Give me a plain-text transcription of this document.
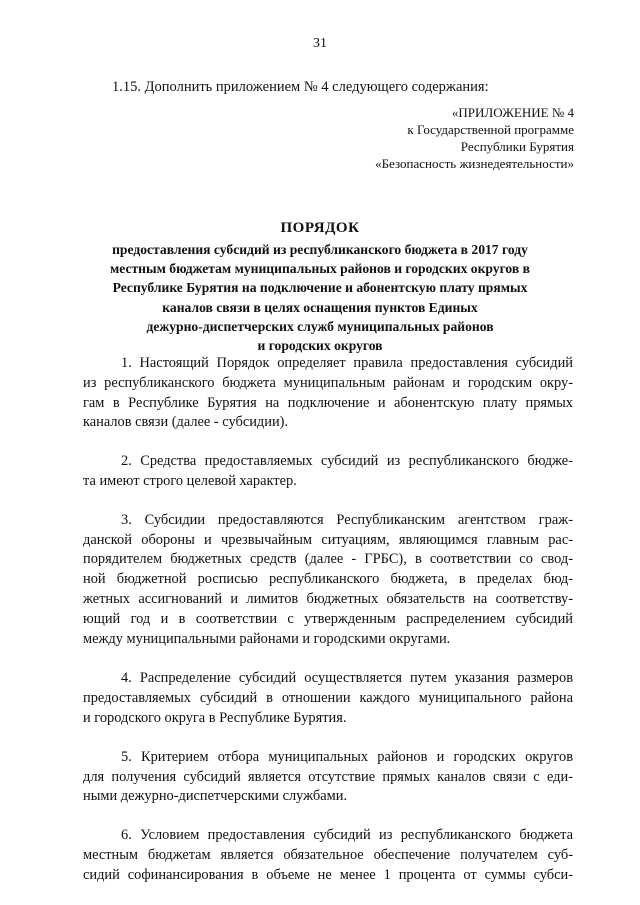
31
1.15. Дополнить приложением № 4 следующего содержания:
«ПРИЛОЖЕНИЕ № 4
к Государственной программе
Республики Бурятия
«Безопасность жизнедеятельности»
ПОРЯДОК
предоставления субсидий из республиканского бюджета в 2017 году
местным бюджетам муниципальных районов и городских округов в
Республике Бурятия на подключение и абонентскую плату прямых
каналов связи в целях оснащения пунктов Единых
дежурно-диспетчерских служб муниципальных районов
и городских округов
1. Настоящий Порядок определяет правила предоставления субсидий
из республиканского бюджета муниципальным районам и городским окру-
гам в Республике Бурятия на подключение и абонентскую плату прямых
каналов связи (далее - субсидии).
2. Средства предоставляемых субсидий из республиканского бюдже-
та имеют строго целевой характер.
3. Субсидии предоставляются Республиканским агентством граж-
данской обороны и чрезвычайным ситуациям, являющимся главным рас-
порядителем бюджетных средств (далее - ГРБС), в соответствии со свод-
ной бюджетной росписью республиканского бюджета, в пределах бюд-
жетных ассигнований и лимитов бюджетных обязательств на соответству-
ющий год и в соответствии с утвержденным распределением субсидий
между муниципальными районами и городскими округами.
4. Распределение субсидий осуществляется путем указания размеров
предоставляемых субсидий в отношении каждого муниципального района
и городского округа в Республике Бурятия.
5. Критерием отбора муниципальных районов и городских округов
для получения субсидий является отсутствие прямых каналов связи с еди-
ными дежурно-диспетчерскими службами.
6. Условием предоставления субсидий из республиканского бюджета
местным бюджетам является обязательное обеспечение получателем суб-
сидий софинансирования в объеме не менее 1 процента от суммы субси-
